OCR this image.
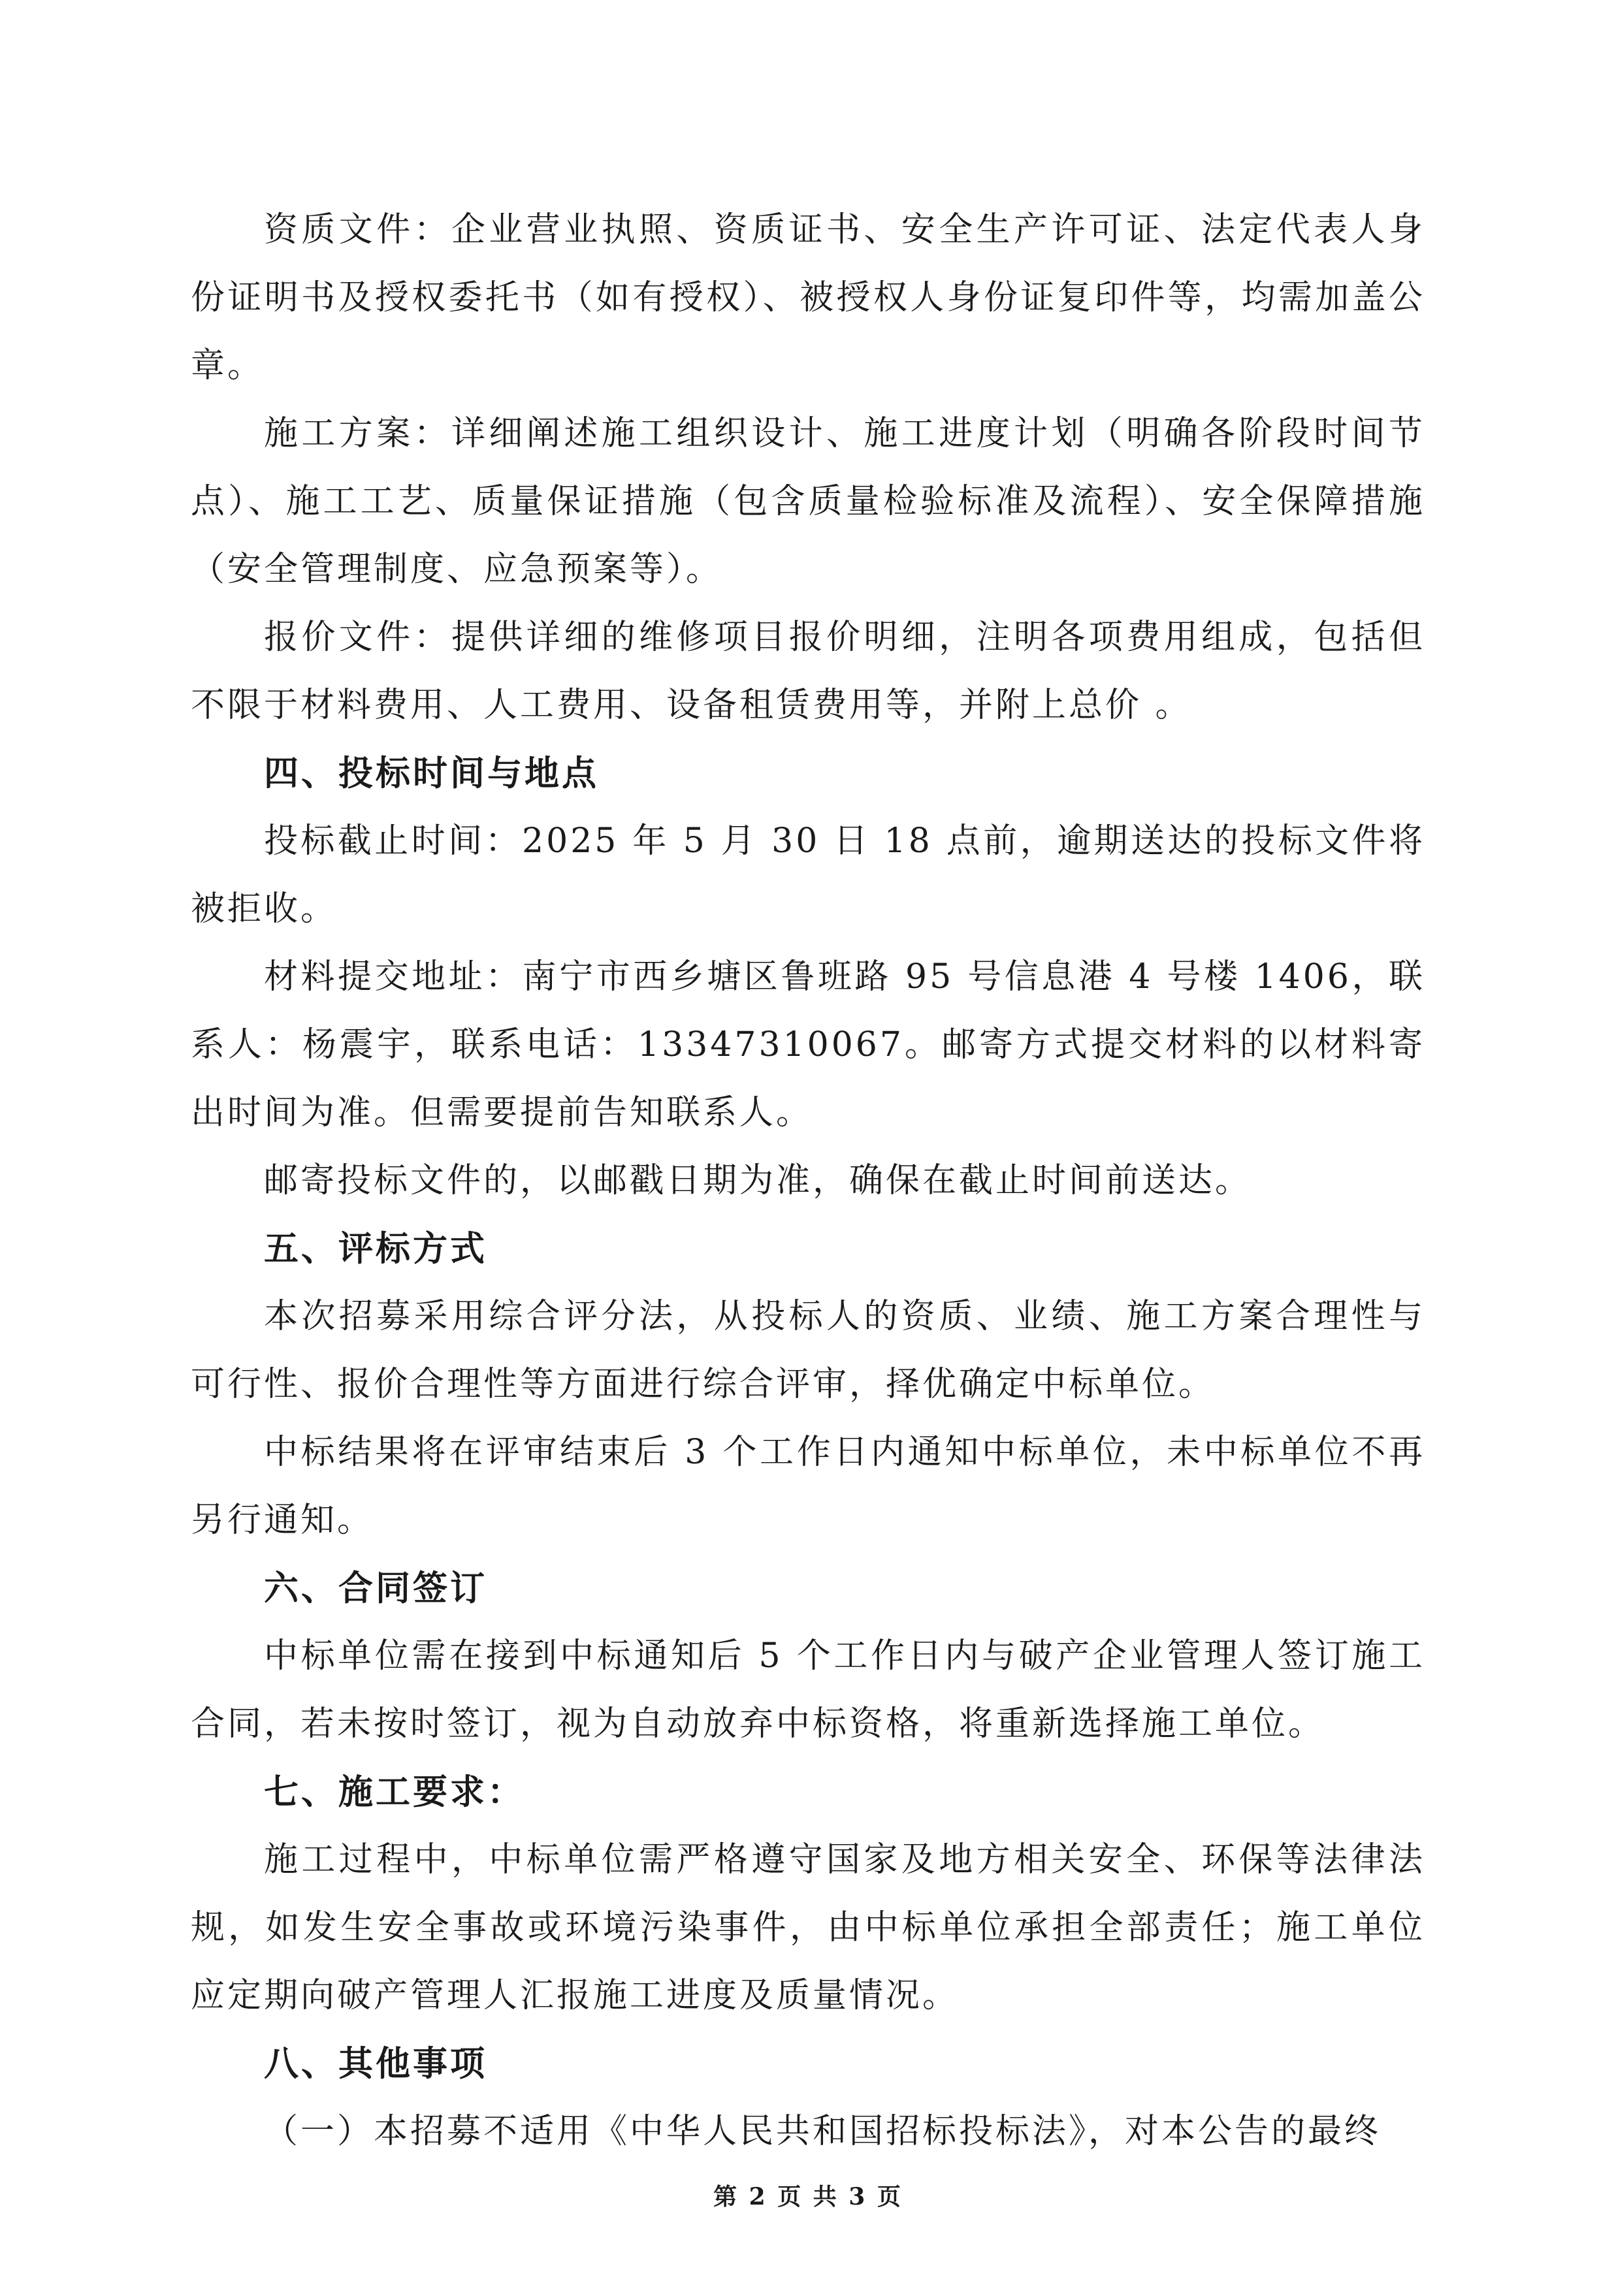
资质文件：企业营业执照、资质证书、安全生产许可证、法定代表人身份证明书及授权委托书（如有授权）、被授权人身份证复印件等，均需加盖公章。

施工方案：详细阐述施工组织设计、施工进度计划（明确各阶段时间节点）、施工工艺、质量保证措施（包含质量检验标准及流程）、安全保障措施（安全管理制度、应急预案等）。

报价文件：提供详细的维修项目报价明细，注明各项费用组成，包括但不限于材料费用、人工费用、设备租赁费用等，并附上总价 。

四、投标时间与地点

投标截止时间：2025 年 5 月 30 日 18 点前，逾期送达的投标文件将被拒收。

材料提交地址：南宁市西乡塘区鲁班路 95 号信息港 4 号楼 1406，联系人：杨震宇，联系电话：13347310067。邮寄方式提交材料的以材料寄出时间为准。但需要提前告知联系人。

邮寄投标文件的，以邮戳日期为准，确保在截止时间前送达。

五、评标方式

本次招募采用综合评分法，从投标人的资质、业绩、施工方案合理性与可行性、报价合理性等方面进行综合评审，择优确定中标单位。

中标结果将在评审结束后 3 个工作日内通知中标单位，未中标单位不再另行通知。

六、合同签订

中标单位需在接到中标通知后 5 个工作日内与破产企业管理人签订施工合同，若未按时签订，视为自动放弃中标资格，将重新选择施工单位。

七、施工要求：

施工过程中，中标单位需严格遵守国家及地方相关安全、环保等法律法规，如发生安全事故或环境污染事件，由中标单位承担全部责任；施工单位应定期向破产管理人汇报施工进度及质量情况。

八、其他事项

（一）本招募不适用《中华人民共和国招标投标法》，对本公告的最终

第 2 页 共 3 页
